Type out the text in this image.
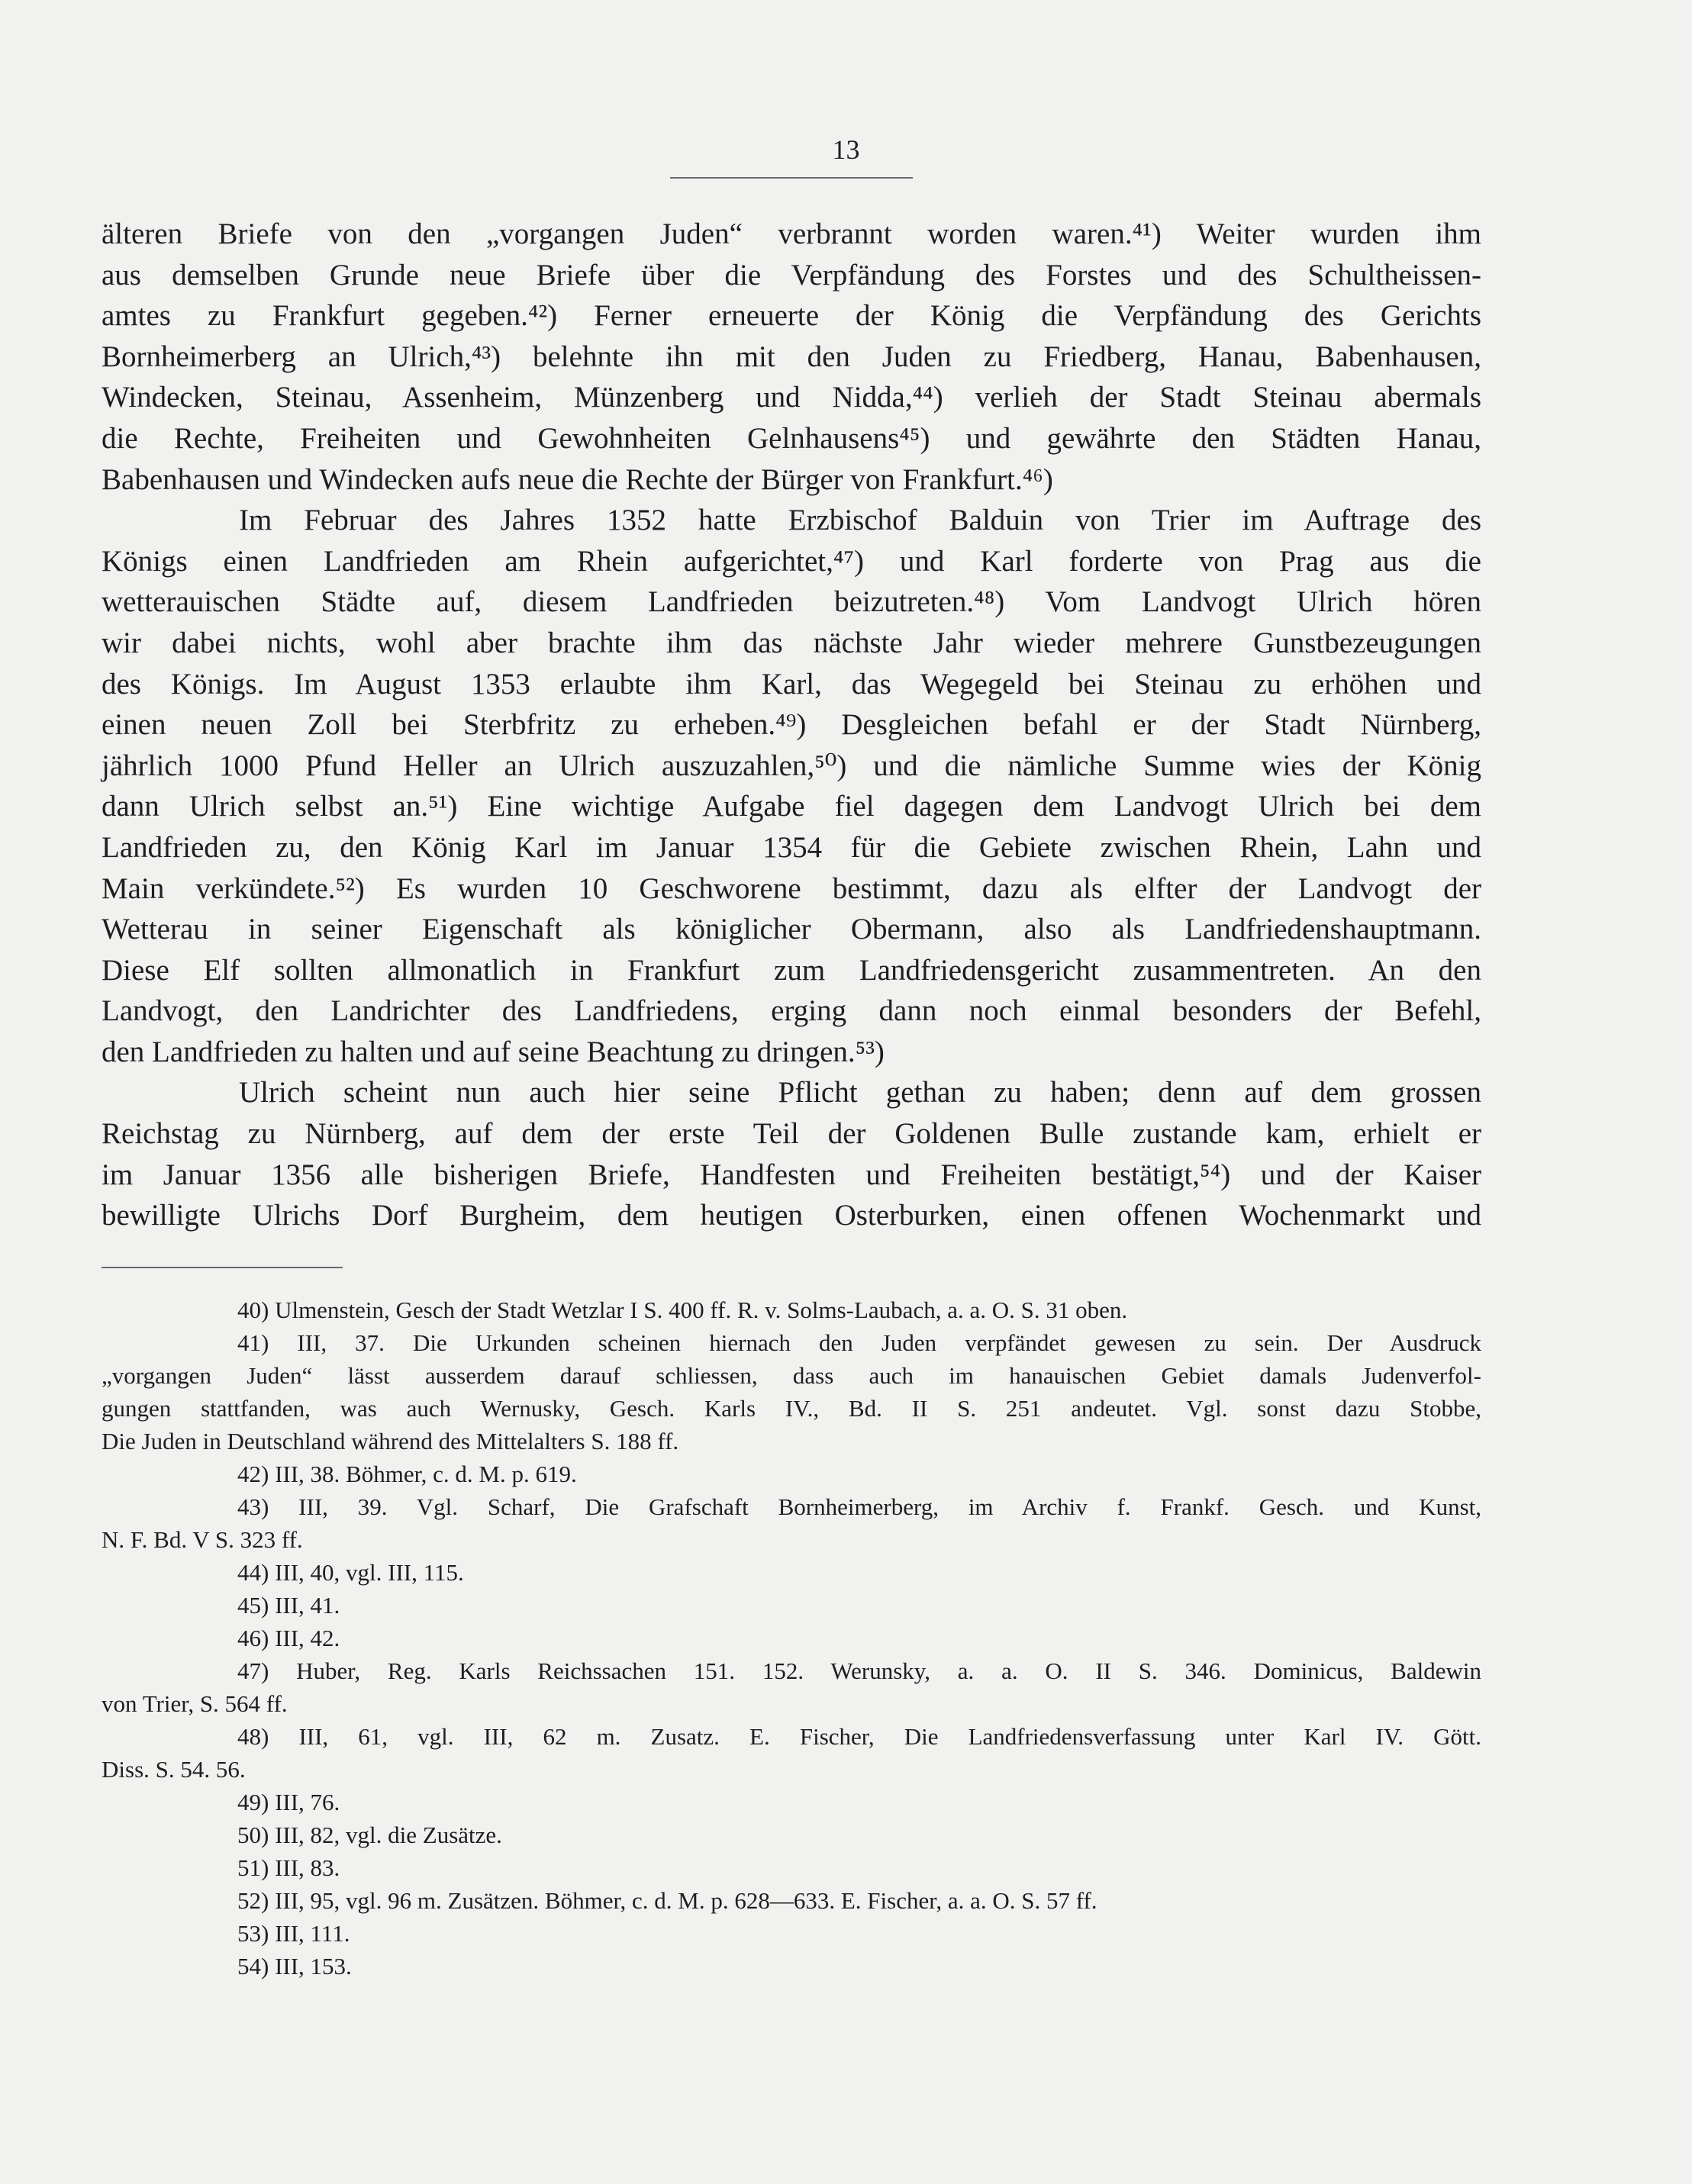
13
älteren Briefe von den „vorgangen Juden“ verbrannt worden waren.⁴¹) Weiter wurden ihm
aus demselben Grunde neue Briefe über die Verpfändung des Forstes und des Schultheissen-
amtes zu Frankfurt gegeben.⁴²) Ferner erneuerte der König die Verpfändung des Gerichts
Bornheimerberg an Ulrich,⁴³) belehnte ihn mit den Juden zu Friedberg, Hanau, Babenhausen,
Windecken, Steinau, Assenheim, Münzenberg und Nidda,⁴⁴) verlieh der Stadt Steinau abermals
die Rechte, Freiheiten und Gewohnheiten Gelnhausens⁴⁵) und gewährte den Städten Hanau,
Babenhausen und Windecken aufs neue die Rechte der Bürger von Frankfurt.⁴⁶)
Im Februar des Jahres 1352 hatte Erzbischof Balduin von Trier im Auftrage des
Königs einen Landfrieden am Rhein aufgerichtet,⁴⁷) und Karl forderte von Prag aus die
wetterauischen Städte auf, diesem Landfrieden beizutreten.⁴⁸) Vom Landvogt Ulrich hören
wir dabei nichts, wohl aber brachte ihm das nächste Jahr wieder mehrere Gunstbezeugungen
des Königs. Im August 1353 erlaubte ihm Karl, das Wegegeld bei Steinau zu erhöhen und
einen neuen Zoll bei Sterbfritz zu erheben.⁴⁹) Desgleichen befahl er der Stadt Nürnberg,
jährlich 1000 Pfund Heller an Ulrich auszuzahlen,⁵⁰) und die nämliche Summe wies der König
dann Ulrich selbst an.⁵¹) Eine wichtige Aufgabe fiel dagegen dem Landvogt Ulrich bei dem
Landfrieden zu, den König Karl im Januar 1354 für die Gebiete zwischen Rhein, Lahn und
Main verkündete.⁵²) Es wurden 10 Geschworene bestimmt, dazu als elfter der Landvogt der
Wetterau in seiner Eigenschaft als königlicher Obermann, also als Landfriedenshauptmann.
Diese Elf sollten allmonatlich in Frankfurt zum Landfriedensgericht zusammentreten. An den
Landvogt, den Landrichter des Landfriedens, erging dann noch einmal besonders der Befehl,
den Landfrieden zu halten und auf seine Beachtung zu dringen.⁵³)
Ulrich scheint nun auch hier seine Pflicht gethan zu haben; denn auf dem grossen
Reichstag zu Nürnberg, auf dem der erste Teil der Goldenen Bulle zustande kam, erhielt er
im Januar 1356 alle bisherigen Briefe, Handfesten und Freiheiten bestätigt,⁵⁴) und der Kaiser
bewilligte Ulrichs Dorf Burgheim, dem heutigen Osterburken, einen offenen Wochenmarkt und
40) Ulmenstein, Gesch der Stadt Wetzlar I S. 400 ff. R. v. Solms-Laubach, a. a. O. S. 31 oben.
41) III, 37. Die Urkunden scheinen hiernach den Juden verpfändet gewesen zu sein. Der Ausdruck
„vorgangen Juden“ lässt ausserdem darauf schliessen, dass auch im hanauischen Gebiet damals Judenverfol-
gungen stattfanden, was auch Wernusky, Gesch. Karls IV., Bd. II S. 251 andeutet. Vgl. sonst dazu Stobbe,
Die Juden in Deutschland während des Mittelalters S. 188 ff.
42) III, 38. Böhmer, c. d. M. p. 619.
43) III, 39. Vgl. Scharf, Die Grafschaft Bornheimerberg, im Archiv f. Frankf. Gesch. und Kunst,
N. F. Bd. V S. 323 ff.
44) III, 40, vgl. III, 115.
45) III, 41.
46) III, 42.
47) Huber, Reg. Karls Reichssachen 151. 152. Werunsky, a. a. O. II S. 346. Dominicus, Baldewin
von Trier, S. 564 ff.
48) III, 61, vgl. III, 62 m. Zusatz. E. Fischer, Die Landfriedensverfassung unter Karl IV. Gött.
Diss. S. 54. 56.
49) III, 76.
50) III, 82, vgl. die Zusätze.
51) III, 83.
52) III, 95, vgl. 96 m. Zusätzen. Böhmer, c. d. M. p. 628—633. E. Fischer, a. a. O. S. 57 ff.
53) III, 111.
54) III, 153.
